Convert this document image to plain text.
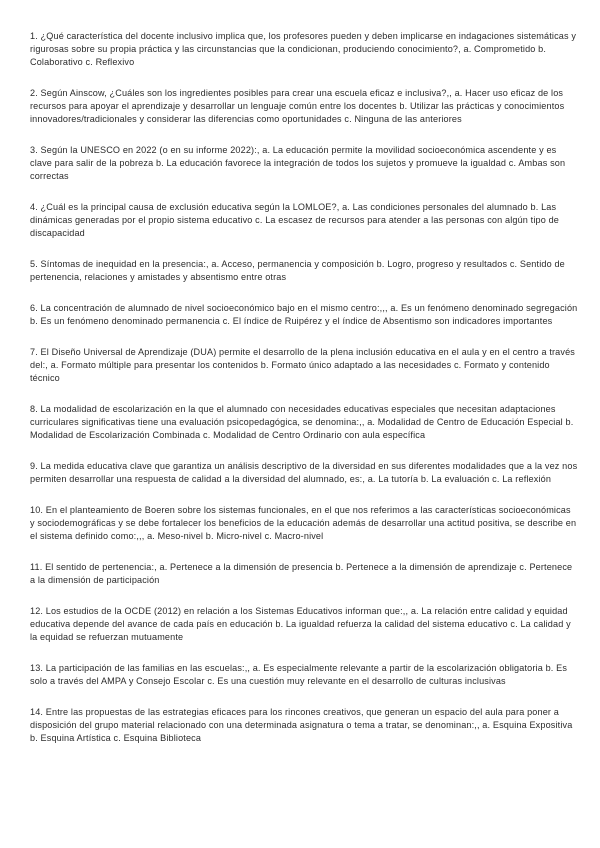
1. ¿Qué característica del docente inclusivo implica que, los profesores pueden y deben implicarse en indagaciones sistemáticas y rigurosas sobre su propia práctica y las circunstancias que la condicionan, produciendo conocimiento?, a. Comprometido b. Colaborativo c. Reflexivo

2. Según Ainscow, ¿Cuáles son los ingredientes posibles para crear una escuela eficaz e inclusiva?,, a. Hacer uso eficaz de los recursos para apoyar el aprendizaje y desarrollar un lenguaje común entre los docentes b. Utilizar las prácticas y conocimientos innovadores/tradicionales y considerar las diferencias como oportunidades c. Ninguna de las anteriores

3. Según la UNESCO en 2022 (o en su informe 2022):, a. La educación permite la movilidad socioeconómica ascendente y es clave para salir de la pobreza b. La educación favorece la integración de todos los sujetos y promueve la igualdad c. Ambas son correctas

4. ¿Cuál es la principal causa de exclusión educativa según la LOMLOE?, a. Las condiciones personales del alumnado b. Las dinámicas generadas por el propio sistema educativo c. La escasez de recursos para atender a las personas con algún tipo de discapacidad

5. Síntomas de inequidad en la presencia:, a. Acceso, permanencia y composición b. Logro, progreso y resultados c. Sentido de pertenencia, relaciones y amistades y absentismo entre otras

6. La concentración de alumnado de nivel socioeconómico bajo en el mismo centro:,,, a. Es un fenómeno denominado segregación b. Es un fenómeno denominado permanencia c. El índice de Ruipérez y el índice de Absentismo son indicadores importantes

7. El Diseño Universal de Aprendizaje (DUA) permite el desarrollo de la plena inclusión educativa en el aula y en el centro a través del:, a. Formato múltiple para presentar los contenidos b. Formato único adaptado a las necesidades c. Formato y contenido técnico

8. La modalidad de escolarización en la que el alumnado con necesidades educativas especiales que necesitan adaptaciones curriculares significativas tiene una evaluación psicopedagógica, se denomina:,, a. Modalidad de Centro de Educación Especial b. Modalidad de Escolarización Combinada c. Modalidad de Centro Ordinario con aula específica

9. La medida educativa clave que garantiza un análisis descriptivo de la diversidad en sus diferentes modalidades que a la vez nos permiten desarrollar una respuesta de calidad a la diversidad del alumnado, es:, a. La tutoría b. La evaluación c. La reflexión

10. En el planteamiento de Boeren sobre los sistemas funcionales, en el que nos referimos a las características socioeconómicas y sociodemográficas y se debe fortalecer los beneficios de la educación además de desarrollar una actitud positiva, se describe en el sistema definido como:,,, a. Meso-nivel b. Micro-nivel c. Macro-nivel

11. El sentido de pertenencia:, a. Pertenece a la dimensión de presencia b. Pertenece a la dimensión de aprendizaje c. Pertenece a la dimensión de participación

12. Los estudios de la OCDE (2012) en relación a los Sistemas Educativos informan que:,, a. La relación entre calidad y equidad educativa depende del avance de cada país en educación b. La igualdad refuerza la calidad del sistema educativo c. La calidad y la equidad se refuerzan mutuamente

13. La participación de las familias en las escuelas:,, a. Es especialmente relevante a partir de la escolarización obligatoria b. Es solo a través del AMPA y Consejo Escolar c. Es una cuestión muy relevante en el desarrollo de culturas inclusivas

14. Entre las propuestas de las estrategias eficaces para los rincones creativos, que generan un espacio del aula para poner a disposición del grupo material relacionado con una determinada asignatura o tema a tratar, se denominan:,, a. Esquina Expositiva b. Esquina Artística c. Esquina Biblioteca
